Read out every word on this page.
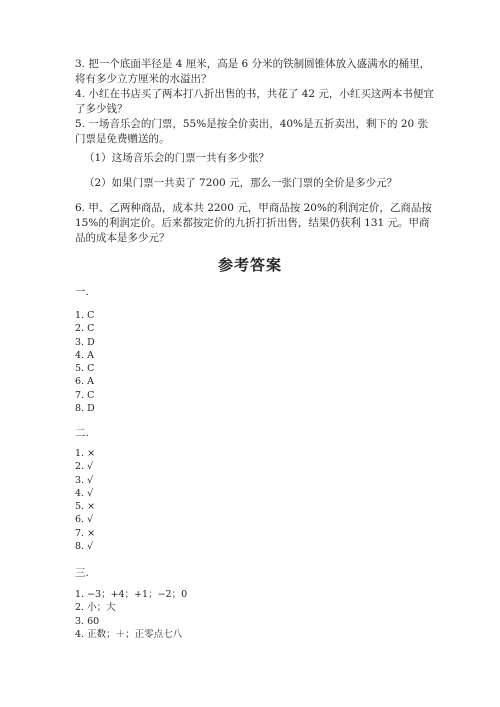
3. 把一个底面半径是 4 厘米，高是 6 分米的铁制圆锥体放入盛满水的桶里，将有多少立方厘米的水溢出？

4. 小红在书店买了两本打八折出售的书，共花了 42 元，小红买这两本书便宜了多少钱？

5. 一场音乐会的门票，55%是按全价卖出，40%是五折卖出，剩下的 20 张门票是免费赠送的。

（1）这场音乐会的门票一共有多少张？

（2）如果门票一共卖了 7200 元，那么一张门票的全价是多少元？

6. 甲、乙两种商品，成本共 2200 元，甲商品按 20%的利润定价，乙商品按 15%的利润定价。后来都按定价的九折打折出售，结果仍获利 131 元。甲商品的成本是多少元？

参考答案

一.

1. C
2. C
3. D
4. A
5. C
6. A
7. C
8. D

二.

1. ×
2. √
3. √
4. √
5. ×
6. √
7. ×
8. √

三.

1. −3；+4；+1；−2；0
2. 小；大
3. 60
4. 正数；＋；正零点七八
